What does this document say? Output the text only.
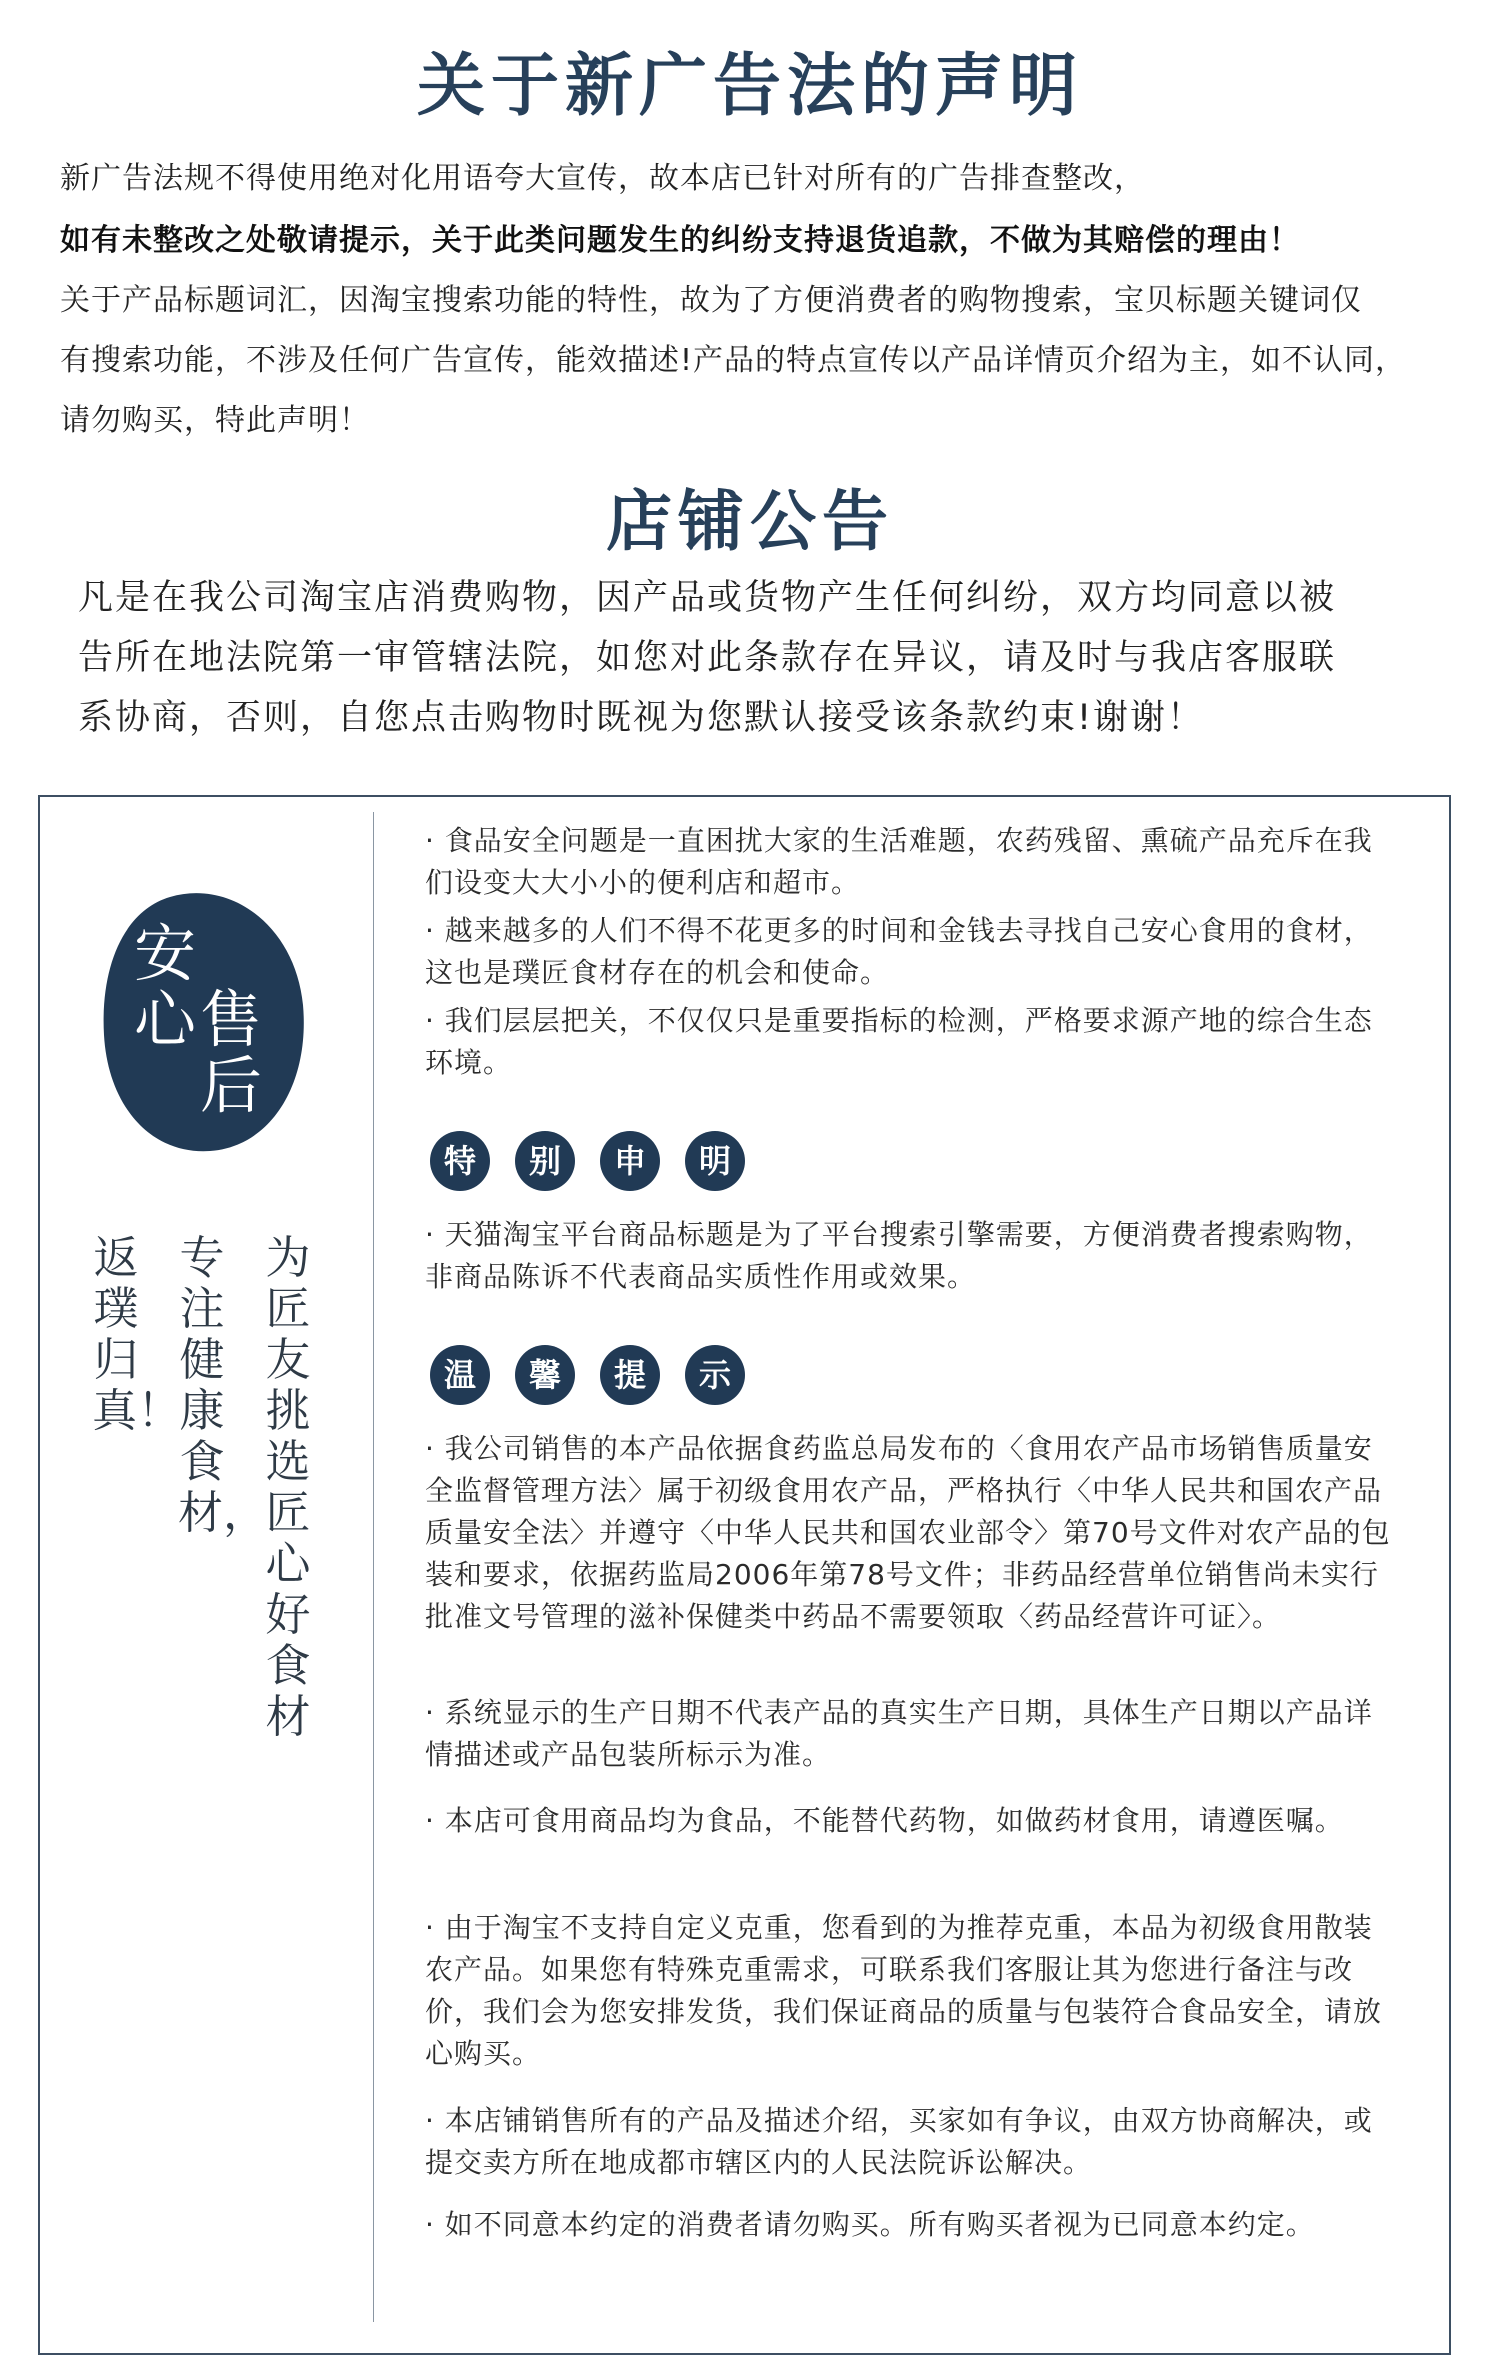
关于新广告法的声明

新广告法规不得使用绝对化用语夸大宣传，故本店已针对所有的广告排查整改，

如有未整改之处敬请提示，关于此类问题发生的纠纷支持退货追款，不做为其赔偿的理由！

关于产品标题词汇，因淘宝搜索功能的特性，故为了方便消费者的购物搜索，宝贝标题关键词仅

有搜索功能，不涉及任何广告宣传，能效描述!产品的特点宣传以产品详情页介绍为主，如不认同，

请勿购买，特此声明！

店铺公告

凡是在我公司淘宝店消费购物，因产品或货物产生任何纠纷，双方均同意以被

告所在地法院第一审管辖法院，如您对此条款存在异议，请及时与我店客服联

系协商，否则，自您点击购物时既视为您默认接受该条款约束!谢谢！

安
心 售
后
返璞归真！
专注健康食材，
为匠友挑选匠心好食材

· 食品安全问题是一直困扰大家的生活难题，农药残留、熏硫产品充斥在我们设变大大小小的便利店和超市。

· 越来越多的人们不得不花更多的时间和金钱去寻找自己安心食用的食材，这也是璞匠食材存在的机会和使命。

· 我们层层把关，不仅仅只是重要指标的检测，严格要求源产地的综合生态环境。

特 别 申 明

· 天猫淘宝平台商品标题是为了平台搜索引擎需要，方便消费者搜索购物，非商品陈诉不代表商品实质性作用或效果。

温 馨 提 示

· 我公司销售的本产品依据食药监总局发布的〈食用农产品市场销售质量安全监督管理方法〉属于初级食用农产品，严格执行〈中华人民共和国农产品质量安全法〉并遵守〈中华人民共和国农业部令〉第70号文件对农产品的包装和要求，依据药监局2006年第78号文件；非药品经营单位销售尚未实行批准文号管理的滋补保健类中药品不需要领取〈药品经营许可证〉。

· 系统显示的生产日期不代表产品的真实生产日期，具体生产日期以产品详情描述或产品包装所标示为准。

· 本店可食用商品均为食品，不能替代药物，如做药材食用，请遵医嘱。

· 由于淘宝不支持自定义克重，您看到的为推荐克重，本品为初级食用散装农产品。如果您有特殊克重需求，可联系我们客服让其为您进行备注与改价，我们会为您安排发货，我们保证商品的质量与包装符合食品安全，请放心购买。

· 本店铺销售所有的产品及描述介绍，买家如有争议，由双方协商解决，或提交卖方所在地成都市辖区内的人民法院诉讼解决。

· 如不同意本约定的消费者请勿购买。所有购买者视为已同意本约定。
